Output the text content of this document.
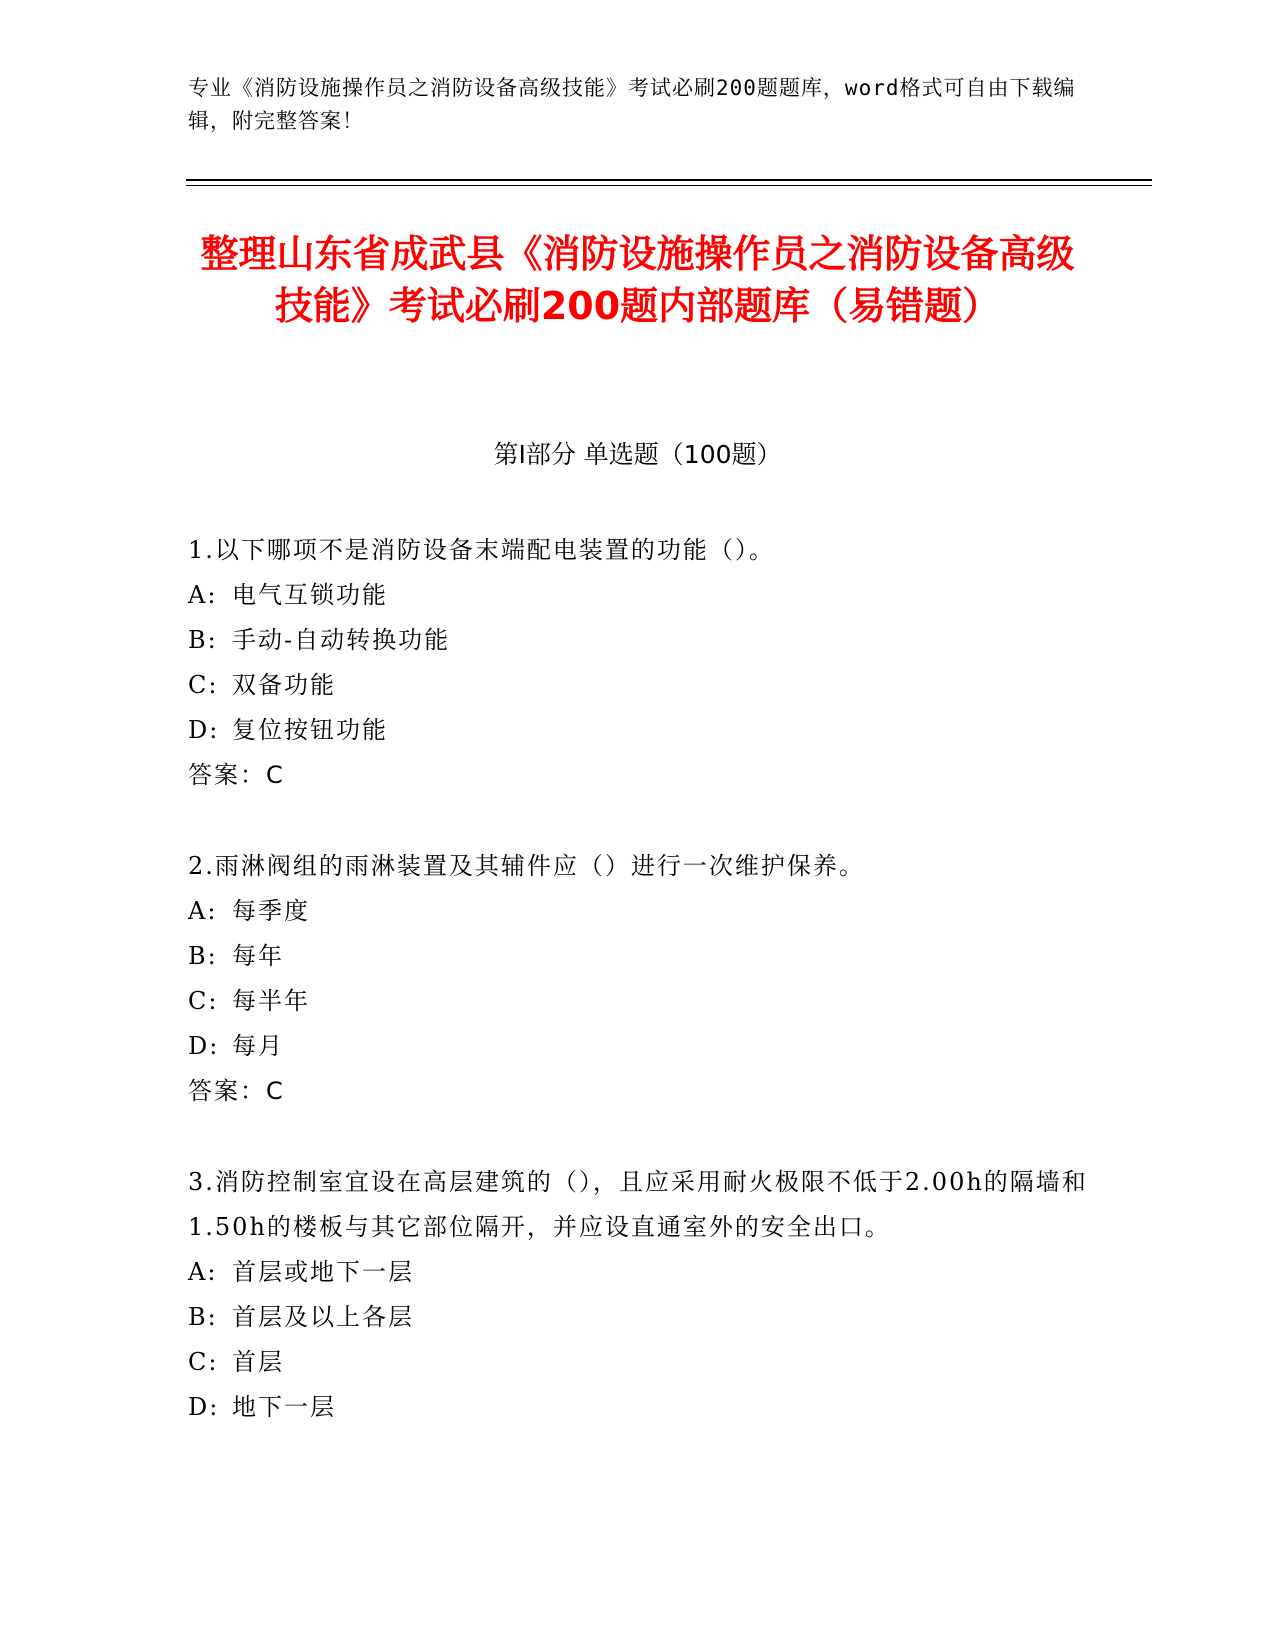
专业《消防设施操作员之消防设备高级技能》考试必刷200题题库，word格式可自由下载编辑，附完整答案！
整理山东省成武县《消防设施操作员之消防设备高级技能》考试必刷200题内部题库（易错题）
第Ⅰ部分 单选题（100题）
1.以下哪项不是消防设备末端配电装置的功能（）。
A: 电气互锁功能
B: 手动-自动转换功能
C: 双备功能
D: 复位按钮功能
答案：C
2.雨淋阀组的雨淋装置及其辅件应（）进行一次维护保养。
A: 每季度
B: 每年
C: 每半年
D: 每月
答案：C
3.消防控制室宜设在高层建筑的（），且应采用耐火极限不低于2.00h的隔墙和1.50h的楼板与其它部位隔开，并应设直通室外的安全出口。
A: 首层或地下一层
B: 首层及以上各层
C: 首层
D: 地下一层
